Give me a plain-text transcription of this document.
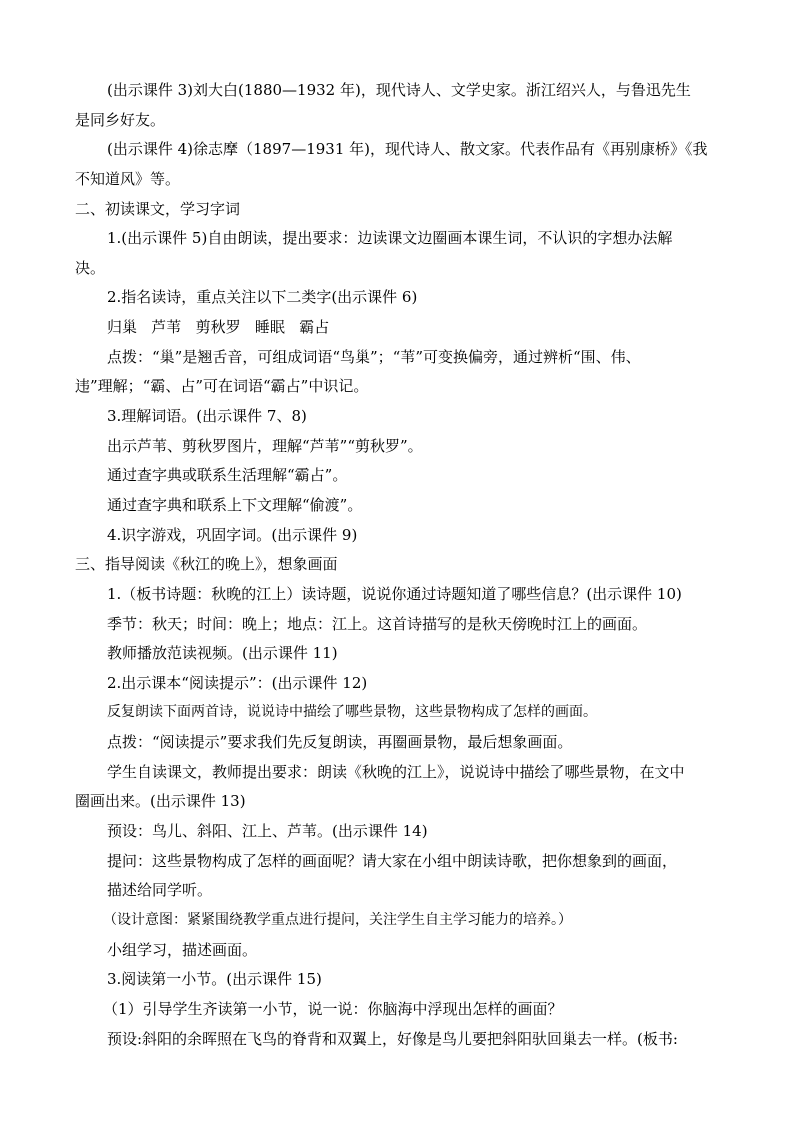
(出示课件 3)刘大白(1880—1932 年)，现代诗人、文学史家。浙江绍兴人，与鲁迅先生
是同乡好友。
(出示课件 4)徐志摩（1897—1931 年)，现代诗人、散文家。代表作品有《再别康桥》《我
不知道风》等。
二、初读课文，学习字词
1.(出示课件 5)自由朗读，提出要求：边读课文边圈画本课生词，不认识的字想办法解
决。
2.指名读诗，重点关注以下二类字(出示课件 6)
归巢   芦苇   剪秋罗   睡眠   霸占
点拨：“巢”是翘舌音，可组成词语“鸟巢”；“苇”可变换偏旁，通过辨析“围、伟、
违”理解；“霸、占”可在词语“霸占”中识记。
3.理解词语。(出示课件 7、8)
出示芦苇、剪秋罗图片，理解“芦苇”“剪秋罗”。
通过查字典或联系生活理解“霸占”。
通过查字典和联系上下文理解“偷渡”。
4.识字游戏，巩固字词。(出示课件 9)
三、指导阅读《秋江的晚上》，想象画面
1.（板书诗题：秋晚的江上）读诗题，说说你通过诗题知道了哪些信息？(出示课件 10)
季节：秋天；时间：晚上；地点：江上。这首诗描写的是秋天傍晚时江上的画面。
教师播放范读视频。(出示课件 11)
2.出示课本“阅读提示”：(出示课件 12)
反复朗读下面两首诗，说说诗中描绘了哪些景物，这些景物构成了怎样的画面。
点拨：“阅读提示”要求我们先反复朗读，再圈画景物，最后想象画面。
学生自读课文，教师提出要求：朗读《秋晚的江上》，说说诗中描绘了哪些景物，在文中
圈画出来。(出示课件 13)
预设：鸟儿、斜阳、江上、芦苇。(出示课件 14)
提问：这些景物构成了怎样的画面呢？请大家在小组中朗读诗歌，把你想象到的画面，
描述给同学听。
（设计意图：紧紧围绕教学重点进行提问，关注学生自主学习能力的培养。）
小组学习，描述画面。
3.阅读第一小节。(出示课件 15)
（1）引导学生齐读第一小节，说一说：你脑海中浮现出怎样的画面？
预设:斜阳的余晖照在飞鸟的脊背和双翼上，好像是鸟儿要把斜阳驮回巢去一样。(板书:
